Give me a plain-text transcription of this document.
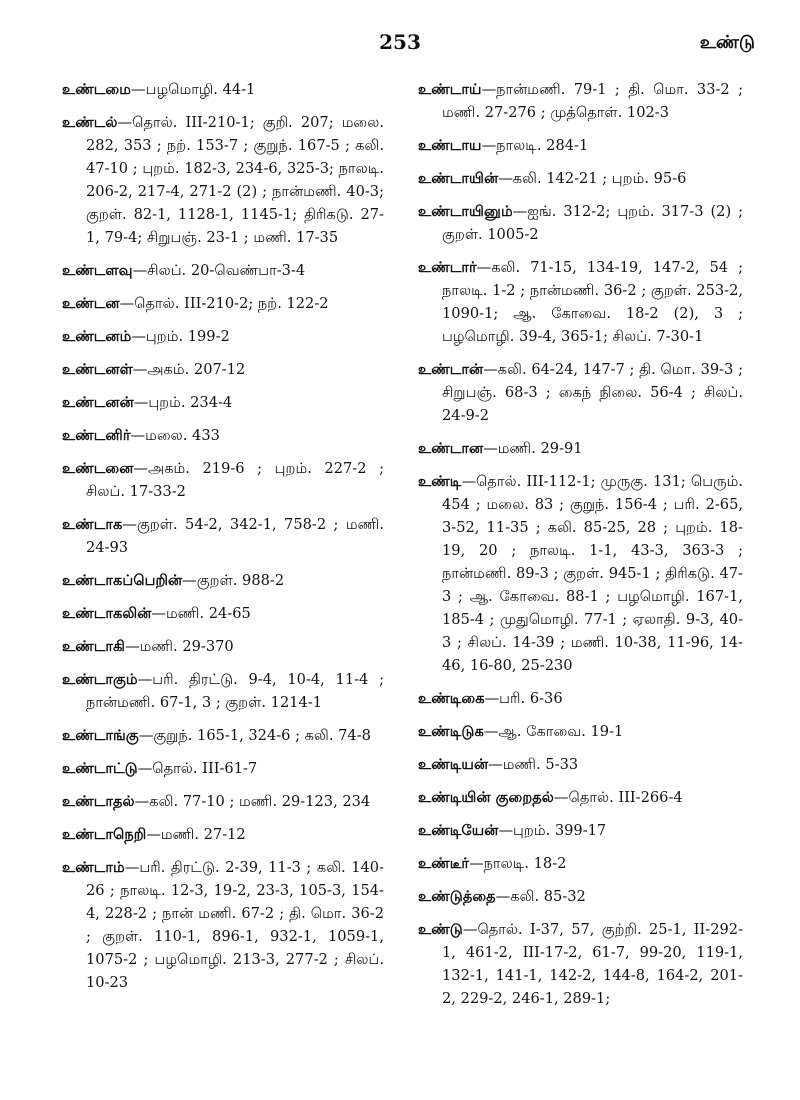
253	உண்டு
உண்டமை—பழமொழி. 44-1
உண்டல்—தொல். III-210-1; குறி. 207; மலை. 282, 353 ; நற். 153-7 ; குறுந். 167-5 ; கலி. 47-10 ; புறம். 182-3, 234-6, 325-3; நாலடி. 206-2, 217-4, 271-2 (2) ; நான்மணி. 40-3; குறள். 82-1, 1128-1, 1145-1; திரிகடு. 27-1, 79-4; சிறுபஞ். 23-1 ; மணி. 17-35
உண்டளவு—சிலப். 20-வெண்பா-3-4
உண்டன—தொல். III-210-2; நற். 122-2
உண்டனம்—புறம். 199-2
உண்டனள்—அகம். 207-12
உண்டனன்—புறம். 234-4
உண்டனிர்—மலை. 433
உண்டனை—அகம். 219-6 ; புறம். 227-2 ; சிலப். 17-33-2
உண்டாக—குறள். 54-2, 342-1, 758-2 ; மணி. 24-93
உண்டாகப்பெறின்—குறள். 988-2
உண்டாகலின்—மணி. 24-65
உண்டாகி—மணி. 29-370
உண்டாகும்—பரி. திரட்டு. 9-4, 10-4, 11-4 ; நான்மணி. 67-1, 3 ; குறள். 1214-1
உண்டாங்கு—குறுந். 165-1, 324-6 ; கலி. 74-8
உண்டாட்டு—தொல். III-61-7
உண்டாதல்—கலி. 77-10 ; மணி. 29-123, 234
உண்டாநெறி—மணி. 27-12
உண்டாம்—பரி. திரட்டு. 2-39, 11-3 ; கலி. 140-26 ; நாலடி. 12-3, 19-2, 23-3, 105-3, 154-4, 228-2 ; நான் மணி. 67-2 ; தி. மொ. 36-2 ; குறள். 110-1, 896-1, 932-1, 1059-1, 1075-2 ; பழமொழி. 213-3, 277-2 ; சிலப். 10-23
உண்டாய்—நான்மணி. 79-1 ; தி. மொ. 33-2 ; மணி. 27-276 ; முத்தொள். 102-3
உண்டாய—நாலடி. 284-1
உண்டாயின்—கலி. 142-21 ; புறம். 95-6
உண்டாயினும்—ஐங். 312-2; புறம். 317-3 (2) ; குறள். 1005-2
உண்டார்—கலி. 71-15, 134-19, 147-2, 54 ; நாலடி. 1-2 ; நான்மணி. 36-2 ; குறள். 253-2, 1090-1; ஆ. கோவை. 18-2 (2), 3 ; பழமொழி. 39-4, 365-1; சிலப். 7-30-1
உண்டான்—கலி. 64-24, 147-7 ; தி. மொ. 39-3 ; சிறுபஞ். 68-3 ; கைந் நிலை. 56-4 ; சிலப். 24-9-2
உண்டான—மணி. 29-91
உண்டி—தொல். III-112-1; முருகு. 131; பெரும். 454 ; மலை. 83 ; குறுந். 156-4 ; பரி. 2-65, 3-52, 11-35 ; கலி. 85-25, 28 ; புறம். 18-19, 20 ; நாலடி. 1-1, 43-3, 363-3 ; நான்மணி. 89-3 ; குறள். 945-1 ; திரிகடு. 47-3 ; ஆ. கோவை. 88-1 ; பழமொழி. 167-1, 185-4 ; முதுமொழி. 77-1 ; ஏலாதி. 9-3, 40-3 ; சிலப். 14-39 ; மணி. 10-38, 11-96, 14-46, 16-80, 25-230
உண்டிகை—பரி. 6-36
உண்டிடுக—ஆ. கோவை. 19-1
உண்டியன்—மணி. 5-33
உண்டியின் குறைதல்—தொல். III-266-4
உண்டியேன்—புறம். 399-17
உண்டீர்—நாலடி. 18-2
உண்டுத்தை—கலி. 85-32
உண்டு—தொல். I-37, 57, குற்றி. 25-1, II-292-1, 461-2, III-17-2, 61-7, 99-20, 119-1, 132-1, 141-1, 142-2, 144-8, 164-2, 201-2, 229-2, 246-1, 289-1;
